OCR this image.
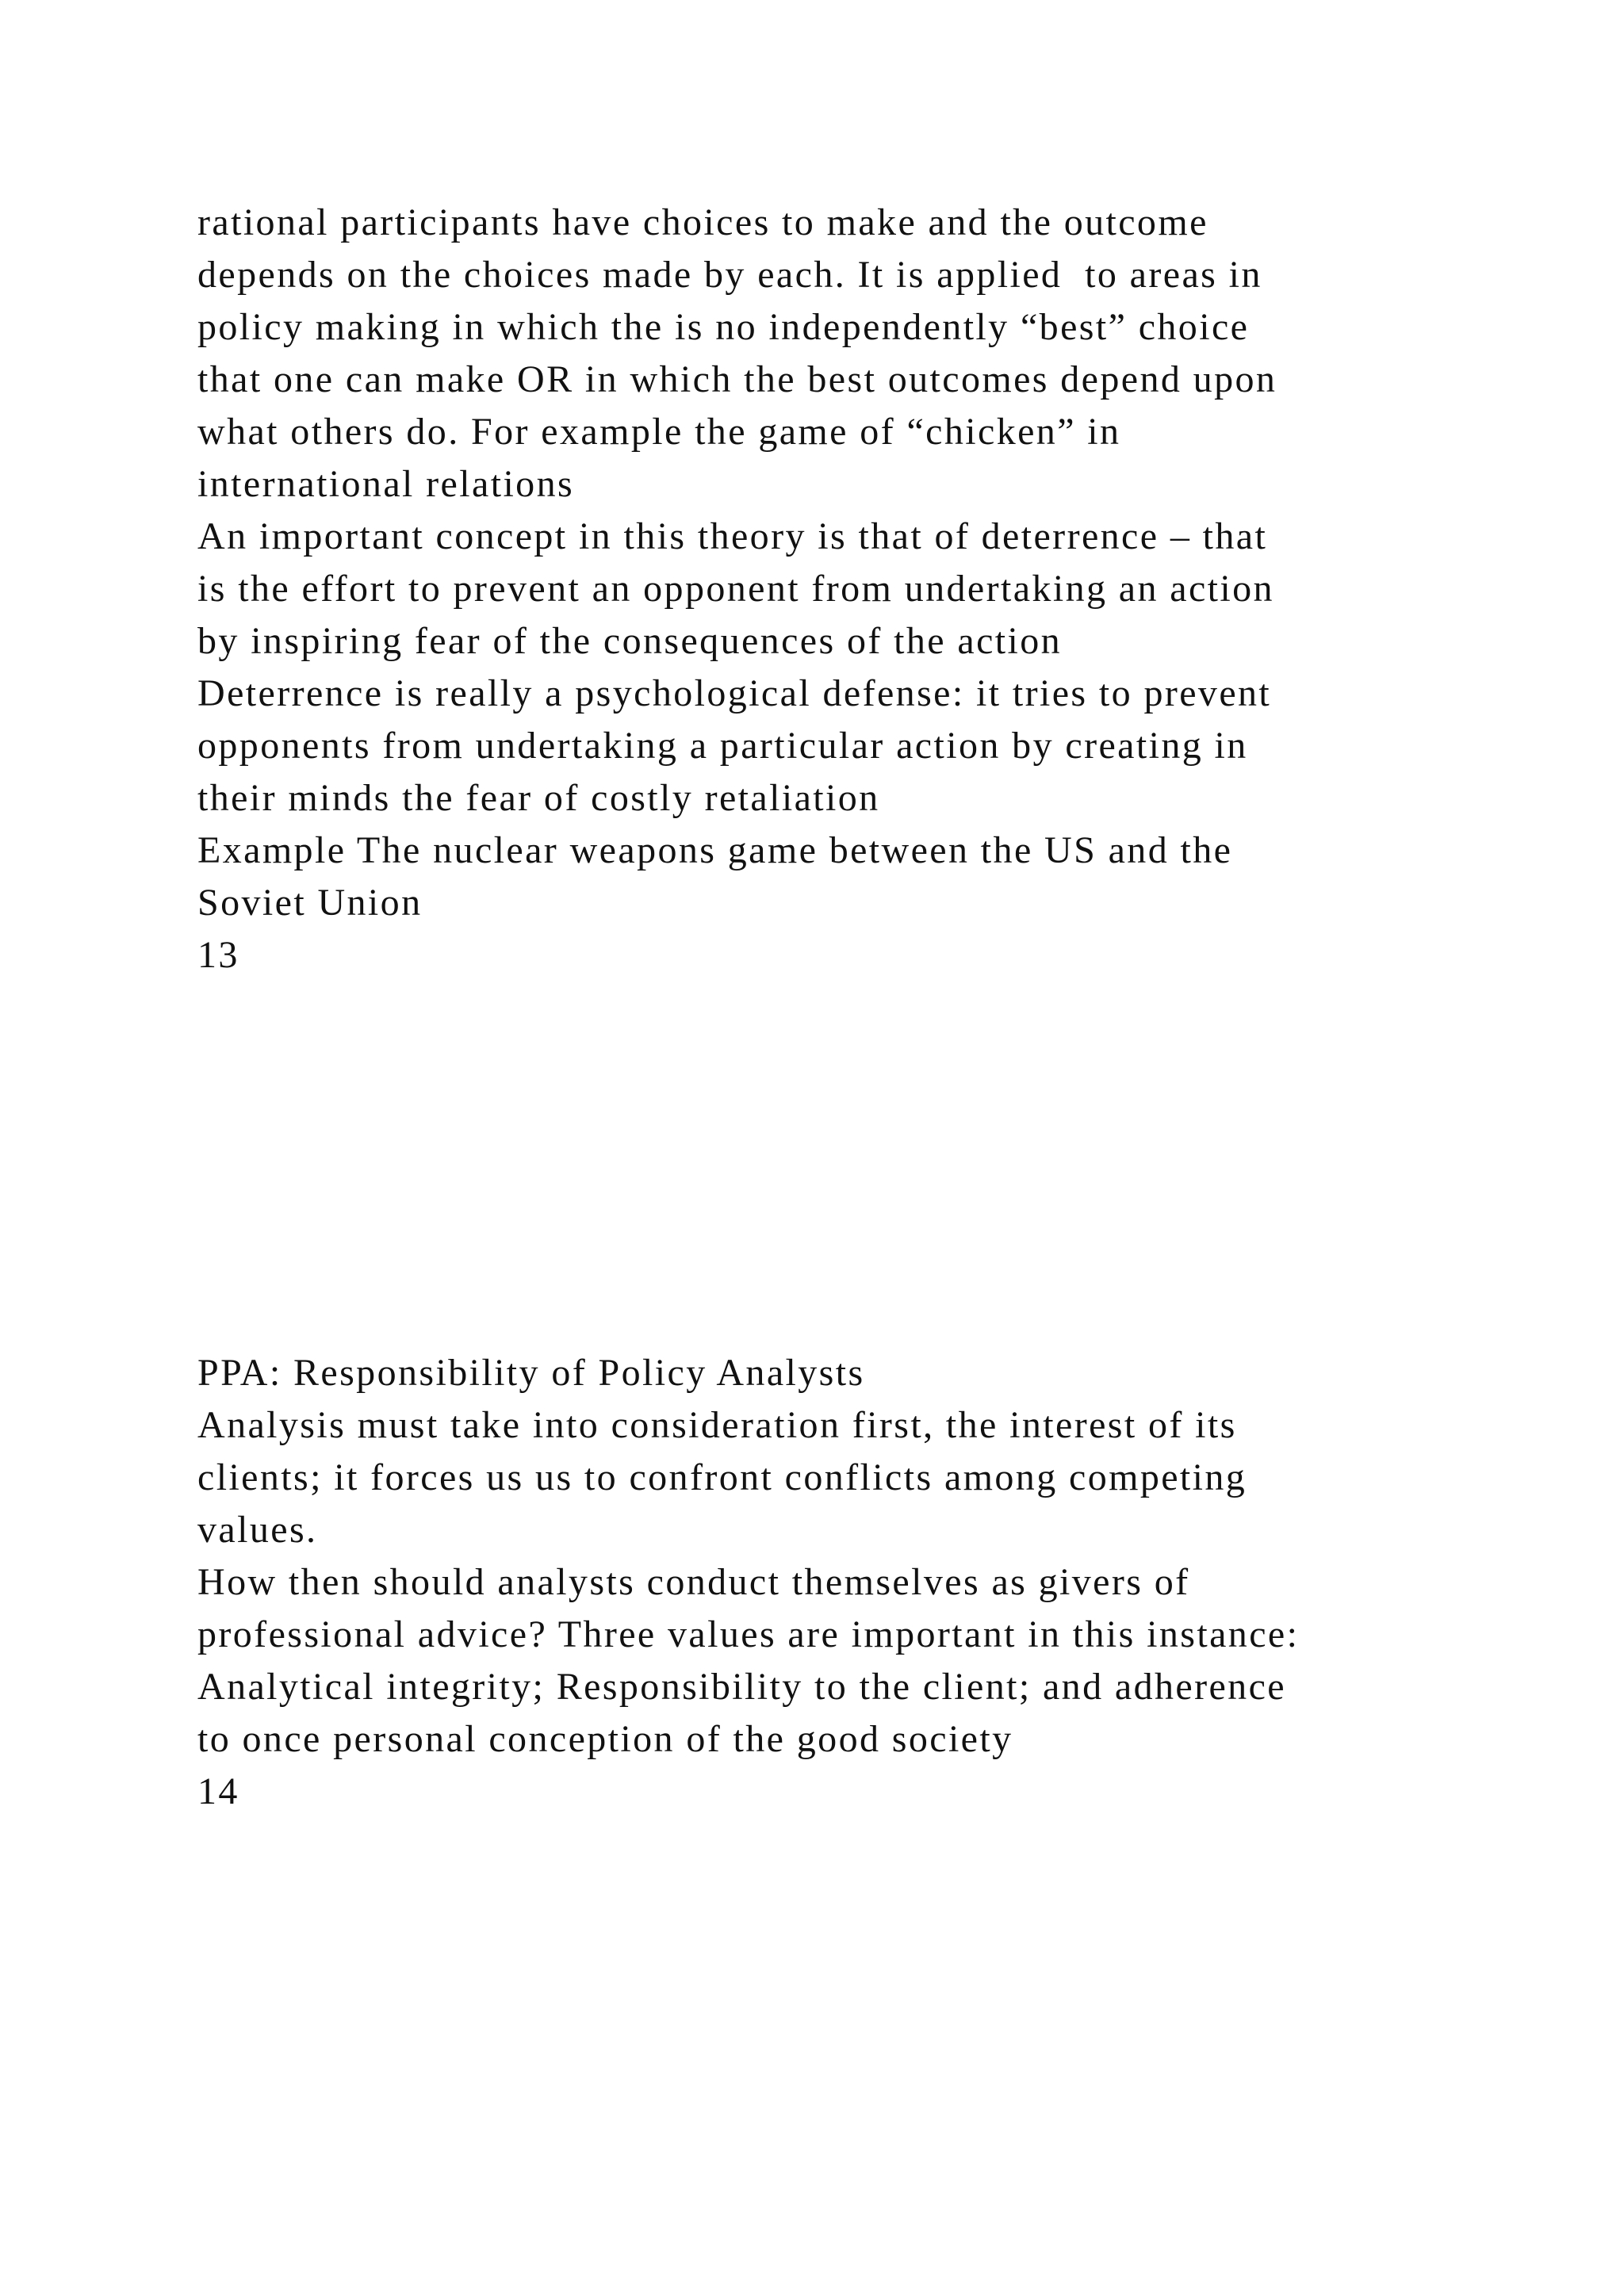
rational participants have choices to make and the outcome
depends on the choices made by each. It is applied  to areas in
policy making in which the is no independently “best” choice
that one can make OR in which the best outcomes depend upon
what others do. For example the game of “chicken” in
international relations
An important concept in this theory is that of deterrence – that
is the effort to prevent an opponent from undertaking an action
by inspiring fear of the consequences of the action
Deterrence is really a psychological defense: it tries to prevent
opponents from undertaking a particular action by creating in
their minds the fear of costly retaliation
Example The nuclear weapons game between the US and the
Soviet Union
13
PPA: Responsibility of Policy Analysts
Analysis must take into consideration first, the interest of its
clients; it forces us us to confront conflicts among competing
values.
How then should analysts conduct themselves as givers of
professional advice? Three values are important in this instance:
Analytical integrity; Responsibility to the client; and adherence
to once personal conception of the good society
14
